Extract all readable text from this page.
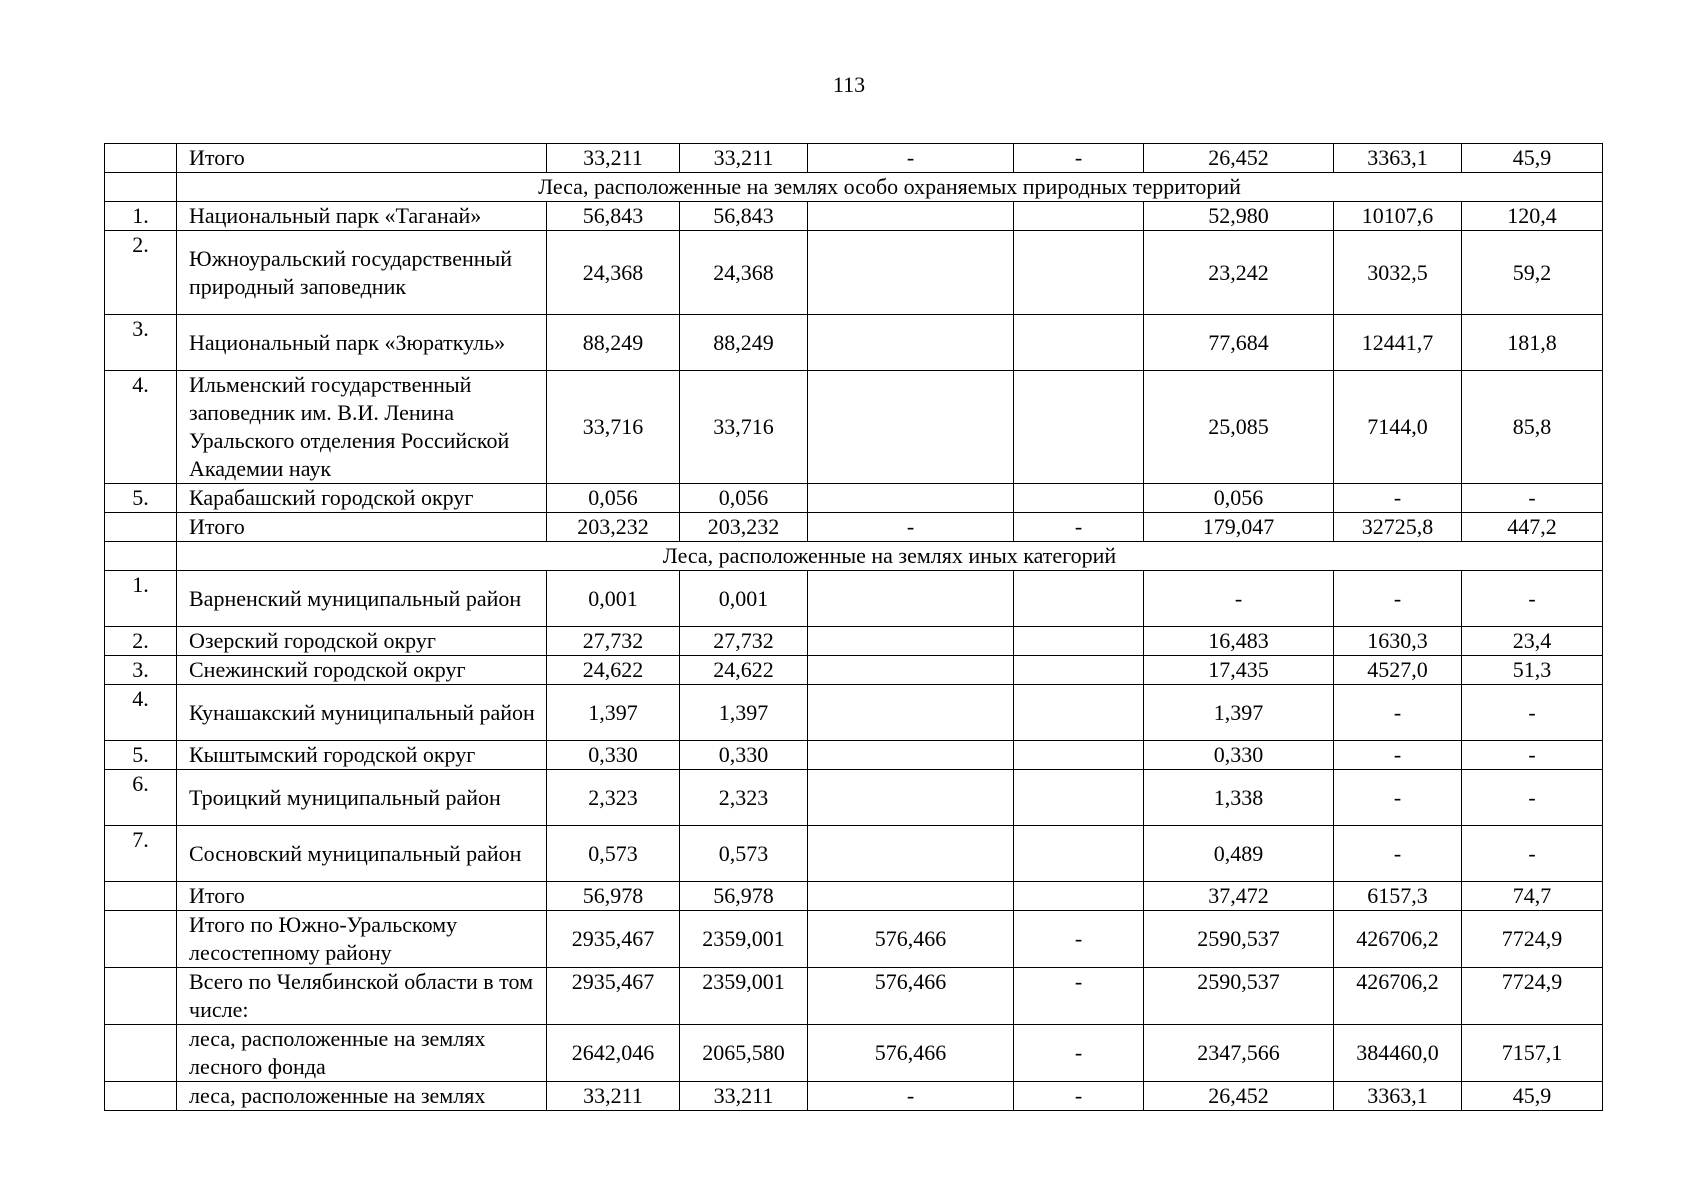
113
	Итого	33,211	33,211	-	-	26,452	3363,1	45,9
	Леса, расположенные на землях особо охраняемых природных территорий							
1.	Национальный парк «Таганай»	56,843	56,843			52,980	10107,6	120,4
2.	Южноуральский государственный природный заповедник	24,368	24,368			23,242	3032,5	59,2
3.	Национальный парк «Зюраткуль»	88,249	88,249			77,684	12441,7	181,8
4.	Ильменский государственный заповедник им. В.И. Ленина Уральского отделения Российской Академии наук	33,716	33,716			25,085	7144,0	85,8
5.	Карабашский городской округ	0,056	0,056			0,056	-	-
	Итого	203,232	203,232	-	-	179,047	32725,8	447,2
	Леса, расположенные на землях иных категорий							
1.	Варненский муниципальный район	0,001	0,001			-	-	-
2.	Озерский городской округ	27,732	27,732			16,483	1630,3	23,4
3.	Снежинский городской округ	24,622	24,622			17,435	4527,0	51,3
4.	Кунашакский муниципальный район	1,397	1,397			1,397	-	-
5.	Кыштымский городской округ	0,330	0,330			0,330	-	-
6.	Троицкий муниципальный район	2,323	2,323			1,338	-	-
7.	Сосновский муниципальный район	0,573	0,573			0,489	-	-
	Итого	56,978	56,978			37,472	6157,3	74,7
	Итого по Южно-Уральскому лесостепному району	2935,467	2359,001	576,466	-	2590,537	426706,2	7724,9
	Всего по Челябинской области в том числе:	2935,467	2359,001	576,466	-	2590,537	426706,2	7724,9
	леса, расположенные на землях лесного фонда	2642,046	2065,580	576,466	-	2347,566	384460,0	7157,1
	леса, расположенные на землях	33,211	33,211	-	-	26,452	3363,1	45,9
